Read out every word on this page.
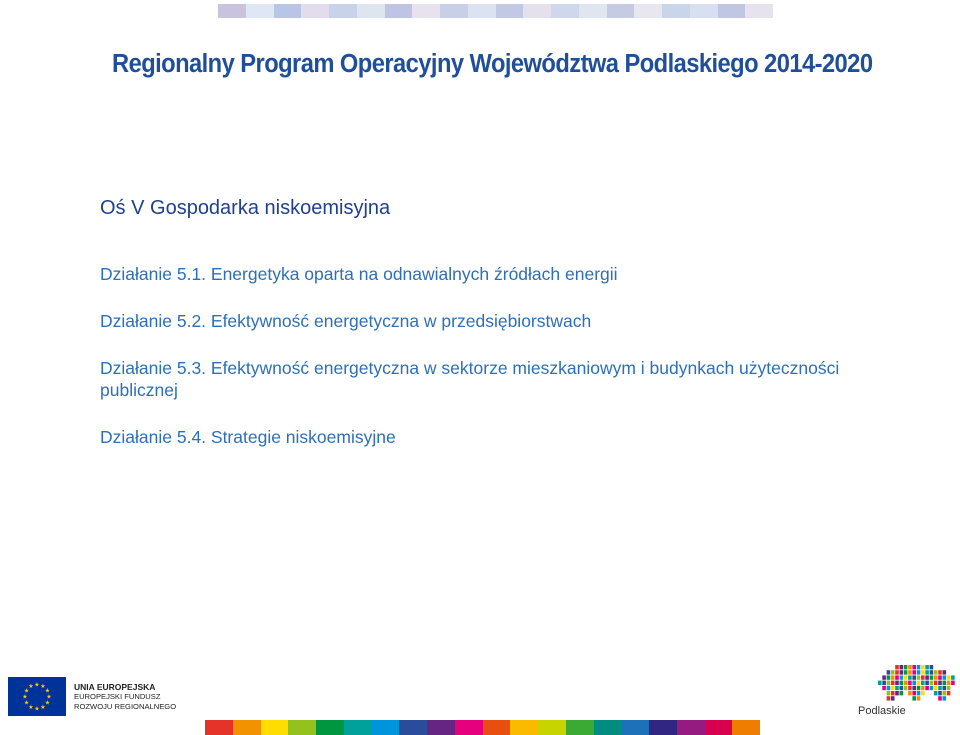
Regionalny Program Operacyjny Województwa Podlaskiego 2014-2020

Oś V Gospodarka niskoemisyjna

Działanie 5.1. Energetyka oparta na odnawialnych źródłach energii

Działanie 5.2. Efektywność energetyczna w przedsiębiorstwach

Działanie 5.3. Efektywność energetyczna w sektorze mieszkaniowym i budynkach użyteczności publicznej

Działanie 5.4. Strategie niskoemisyjne

★
★
★
★
★
★
★
★
★ ★ ★
★	UNIA EUROPEJSKA
EUROPEJSKI FUNDUSZ
ROZWOJU REGIONALNEGO	Podlaskie
